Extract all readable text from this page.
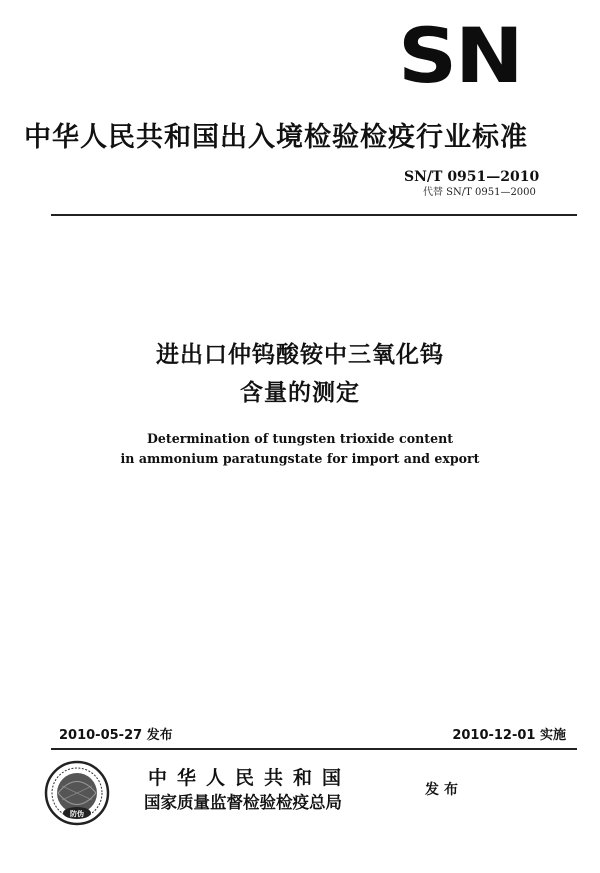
SN
中华人民共和国出入境检验检疫行业标准
SN/T 0951—2010
代替 SN/T 0951—2000
进出口仲钨酸铵中三氧化钨
含量的测定
Determination of tungsten trioxide content
in ammonium paratungstate for import and export
2010-05-27 发布	2010-12-01 实施
防伪
中华人民共和国
国家质量监督检验检疫总局
发布
